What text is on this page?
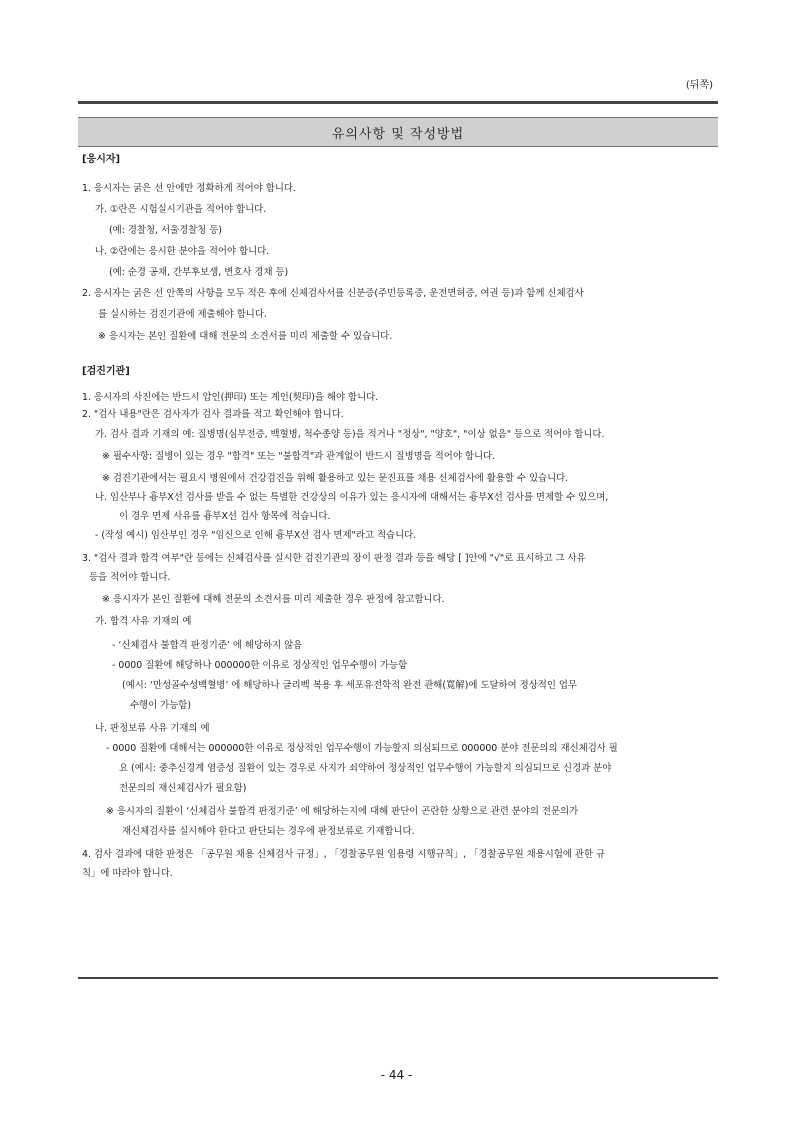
(뒤쪽)
유의사항 및 작성방법
[응시자]
1. 응시자는 굵은 선 안에만 정확하게 적어야 합니다.
가. ①란은 시험실시기관을 적어야 합니다.
(예: 경찰청, 서울경찰청 등)
나. ②란에는 응시한 분야을 적어야 합니다.
(예: 순경 공채, 간부후보생, 변호사 경채 등)
2. 응시자는 굵은 선 안쪽의 사항을 모두 적은 후에 신체검사서를 신분증(주민등록증, 운전면허증, 여권 등)과 함께 신체검사
를 실시하는 검진기관에 제출해야 합니다.
※ 응시자는 본인 질환에 대해 전문의 소견서를 미리 제출할 수 있습니다.
[검진기관]
1. 응시자의 사진에는 반드시 압인(押印) 또는 계인(契印)을 해야 합니다.
2. "검사 내용"란은 검사자가 검사 결과를 적고 확인해야 합니다.
가. 검사 결과 기재의 예: 질병명(심부전증, 백혈병, 척수종양 등)을 적거나 "정상", "양호", "이상 없음" 등으로 적어야 합니다.
※ 필수사항: 질병이 있는 경우 "합격" 또는 "불합격"과 관계없이 반드시 질병명을 적어야 합니다.
※ 검진기관에서는 필요시 병원에서 건강검진을 위해 활용하고 있는 문진표를 채용 신체검사에 활용할 수 있습니다.
나. 임산부나 흉부X선 검사를 받을 수 없는 특별한 건강상의 이유가 있는 응시자에 대해서는 흉부X선 검사를 면제할 수 있으며,
이 경우 면제 사유를 흉부X선 검사 항목에 적습니다.
- (작성 예시) 임산부인 경우 "임신으로 인해 흉부X선 검사 면제"라고 적습니다.
3. "검사 결과 합격 여부"란 등에는 신체검사를 실시한 검진기관의 장이 판정 결과 등을 해당 [ ]안에 "√"로 표시하고 그 사유
등을 적어야 합니다.
※ 응시자가 본인 질환에 대해 전문의 소견서를 미리 제출한 경우 판정에 참고합니다.
가. 합격 사유 기재의 예
- ‘신체검사 불합격 판정기준’ 에 해당하지 않음
- 0000 질환에 해당하나 000000한 이유로 정상적인 업무수행이 가능함
(예시: ‘만성골수성백혈병’ 에 해당하나 글리벡 복용 후 세포유전학적 완전 관해(寬解)에 도달하여 정상적인 업무
수행이 가능함)
나. 판정보류 사유 기재의 예
- 0000 질환에 대해서는 000000한 이유로 정상적인 업무수행이 가능할지 의심되므로 000000 분야 전문의의 재신체검사 필
요 (예시: 중추신경계 염증성 질환이 있는 경우로 사지가 쇠약하여 정상적인 업무수행이 가능할지 의심되므로 신경과 분야
전문의의 재신체검사가 필요함)
※ 응시자의 질환이 ‘신체검사 불합격 판정기준’ 에 해당하는지에 대해 판단이 곤란한 상황으로 관련 분야의 전문의가
재신체검사를 실시해야 한다고 판단되는 경우에 판정보류로 기재합니다.
4. 검사 결과에 대한 판정은 「공무원 채용 신체검사 규정」, 「경찰공무원 임용령 시행규칙」, 「경찰공무원 채용시험에 관한 규
칙」에 따라야 합니다.
- 44 -
